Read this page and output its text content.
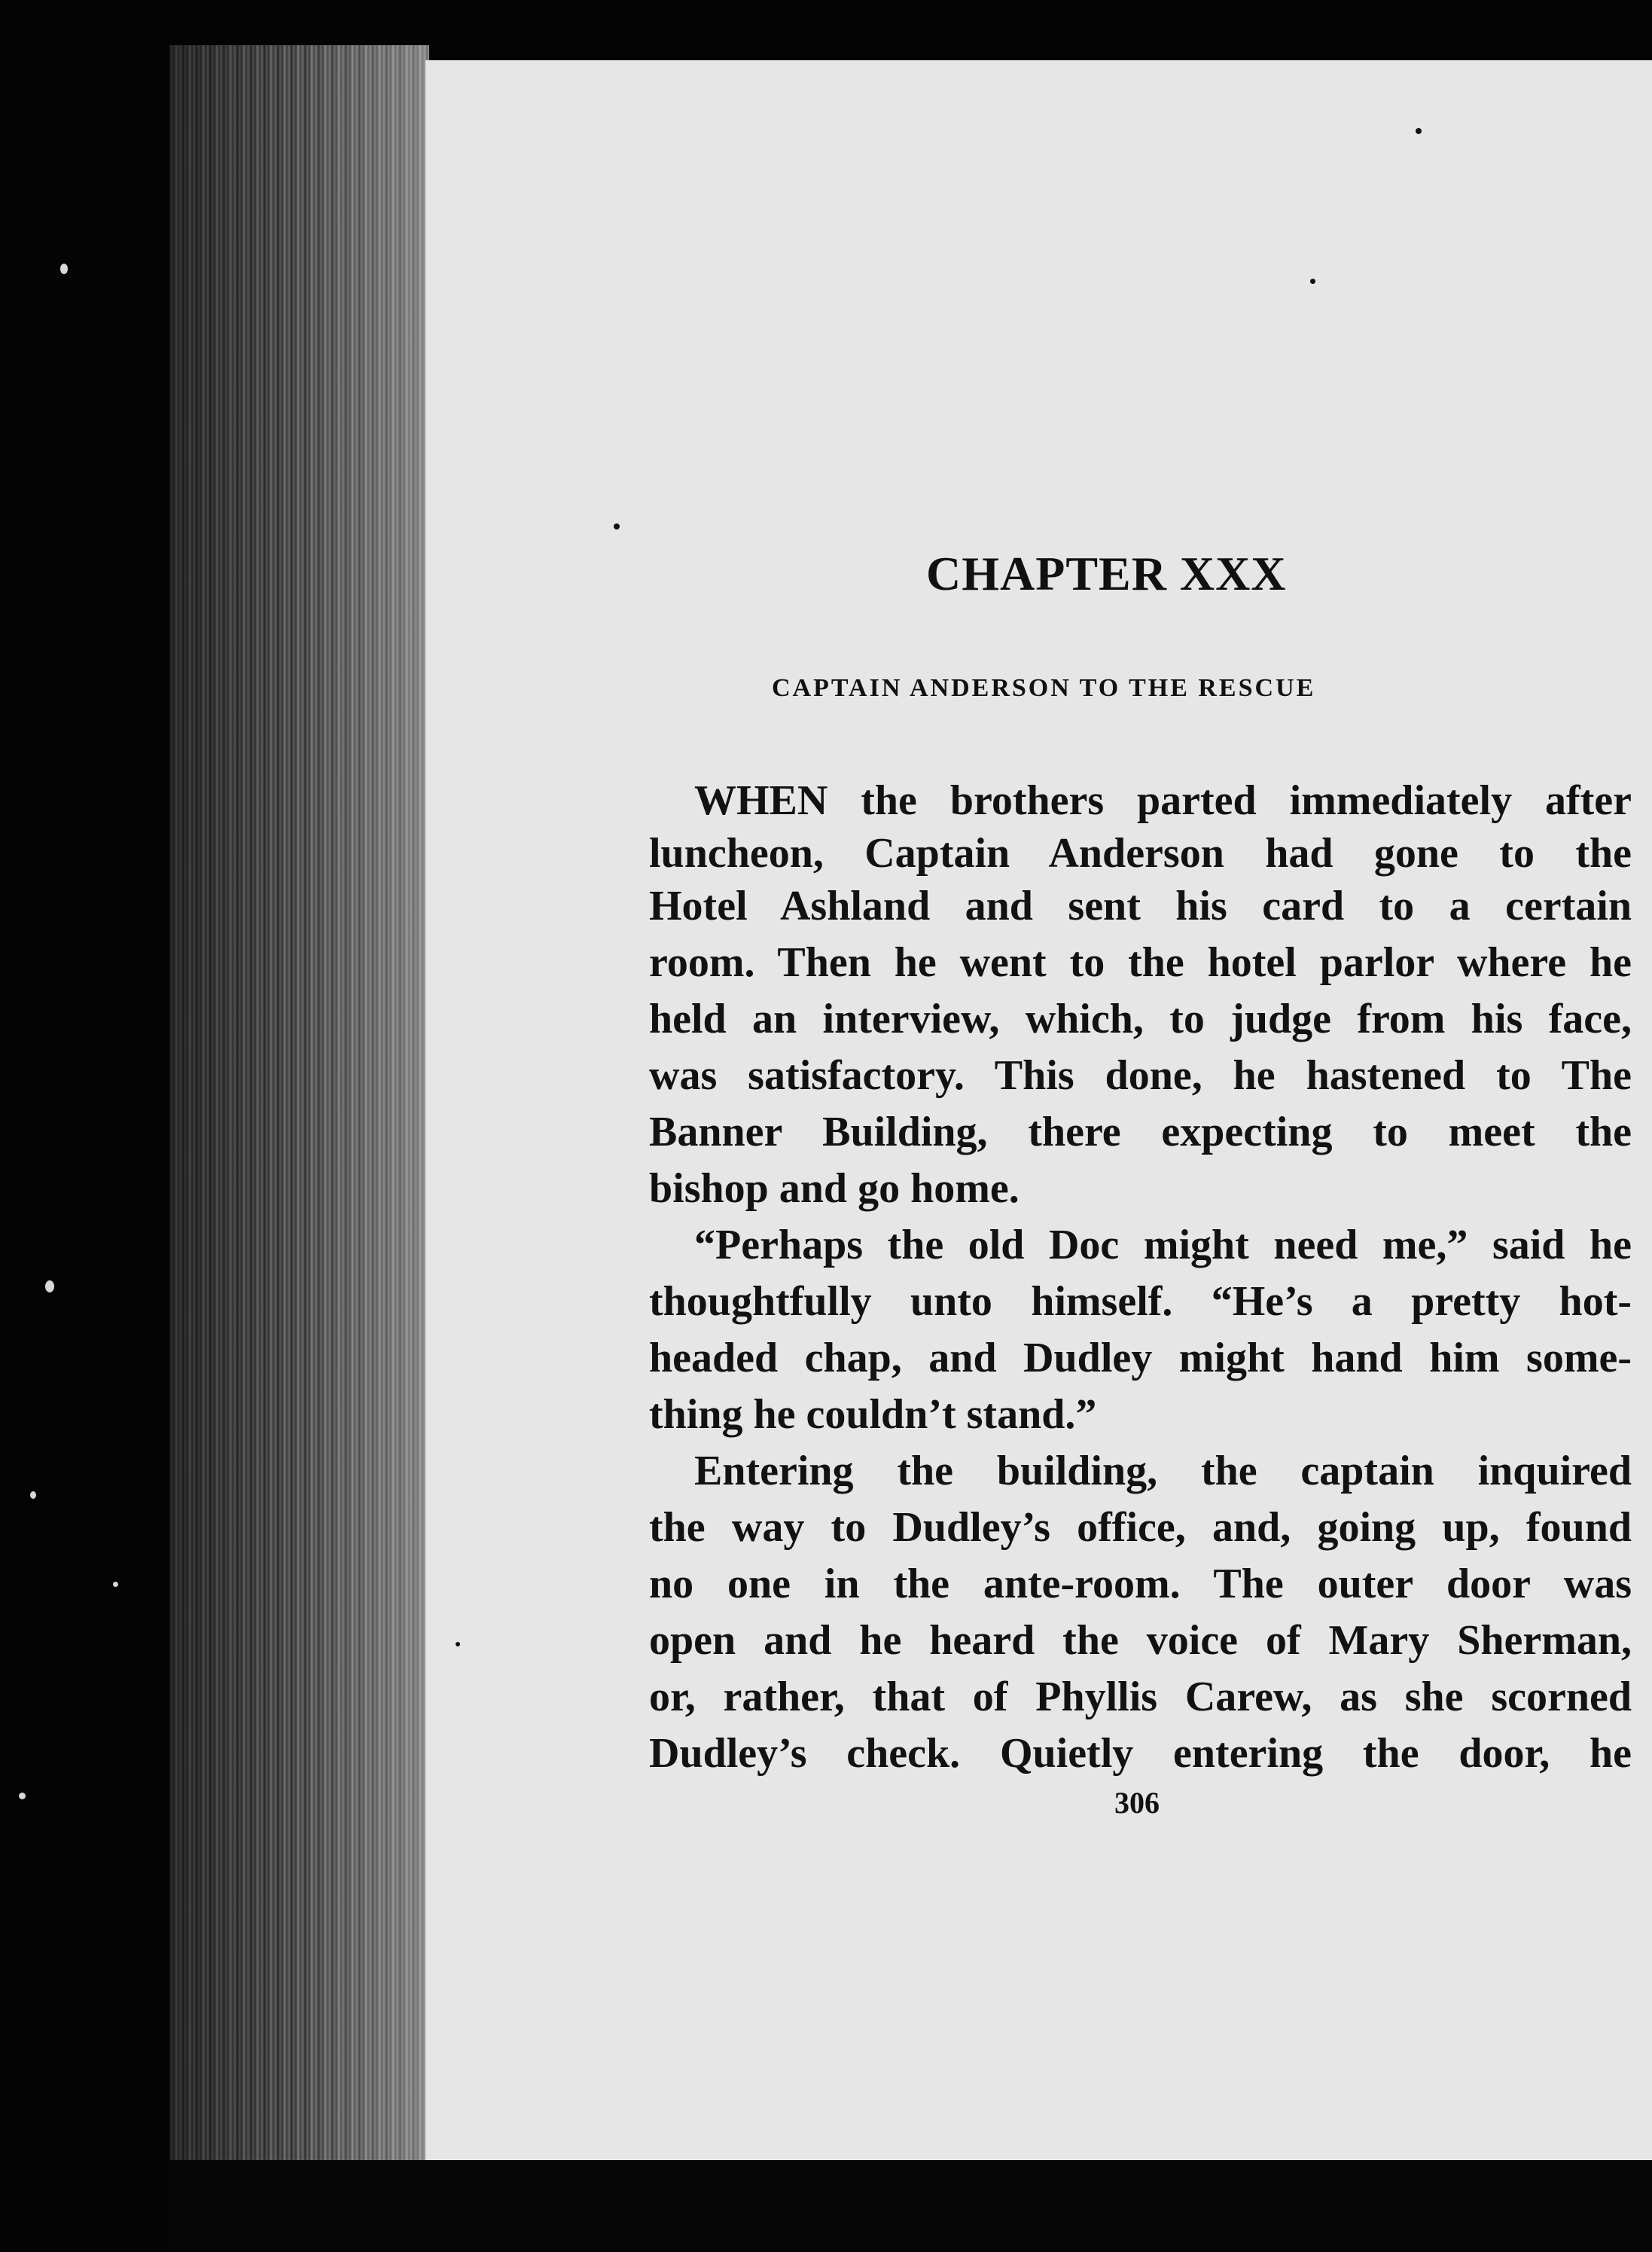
CHAPTER XXX
CAPTAIN ANDERSON TO THE RESCUE
WHEN the brothers parted immediately after
luncheon, Captain Anderson had gone to the
Hotel Ashland and sent his card to a certain
room. Then he went to the hotel parlor where he
held an interview, which, to judge from his face,
was satisfactory. This done, he hastened to The
Banner Building, there expecting to meet the
bishop and go home.
“Perhaps the old Doc might need me,” said he
thoughtfully unto himself. “He’s a pretty hot-
headed chap, and Dudley might hand him some-
thing he couldn’t stand.”
Entering the building, the captain inquired
the way to Dudley’s office, and, going up, found
no one in the ante-room. The outer door was
open and he heard the voice of Mary Sherman,
or, rather, that of Phyllis Carew, as she scorned
Dudley’s check. Quietly entering the door, he
306
